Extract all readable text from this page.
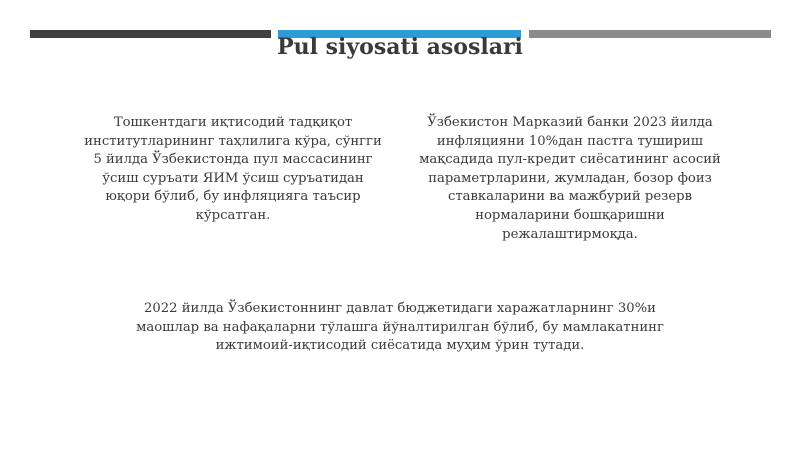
Pul siyosati asoslari
Тошкентдаги иқтисодий тадқиқот институтларининг таҳлилига кўра, сўнгги 5 йилда Ўзбекистонда пул массасининг ўсиш суръати ЯИМ ўсиш суръатидан юқори бўлиб, бу инфляцияга таъсир кўрсатган.
Ўзбекистон Марказий банки 2023 йилда инфляцияни 10%дан пастга тушириш мақсадида пул-кредит сиёсатининг асосий параметрларини, жумладан, бозор фоиз ставкаларини ва мажбурий резерв нормаларини бошқаришни режалаштирмоқда.
2022 йилда Ўзбекистоннинг давлат бюджетидаги харажатларнинг 30%и маошлар ва нафақаларни тўлашга йўналтирилган бўлиб, бу мамлакатнинг ижтимоий-иқтисодий сиёсатида муҳим ўрин тутади.
